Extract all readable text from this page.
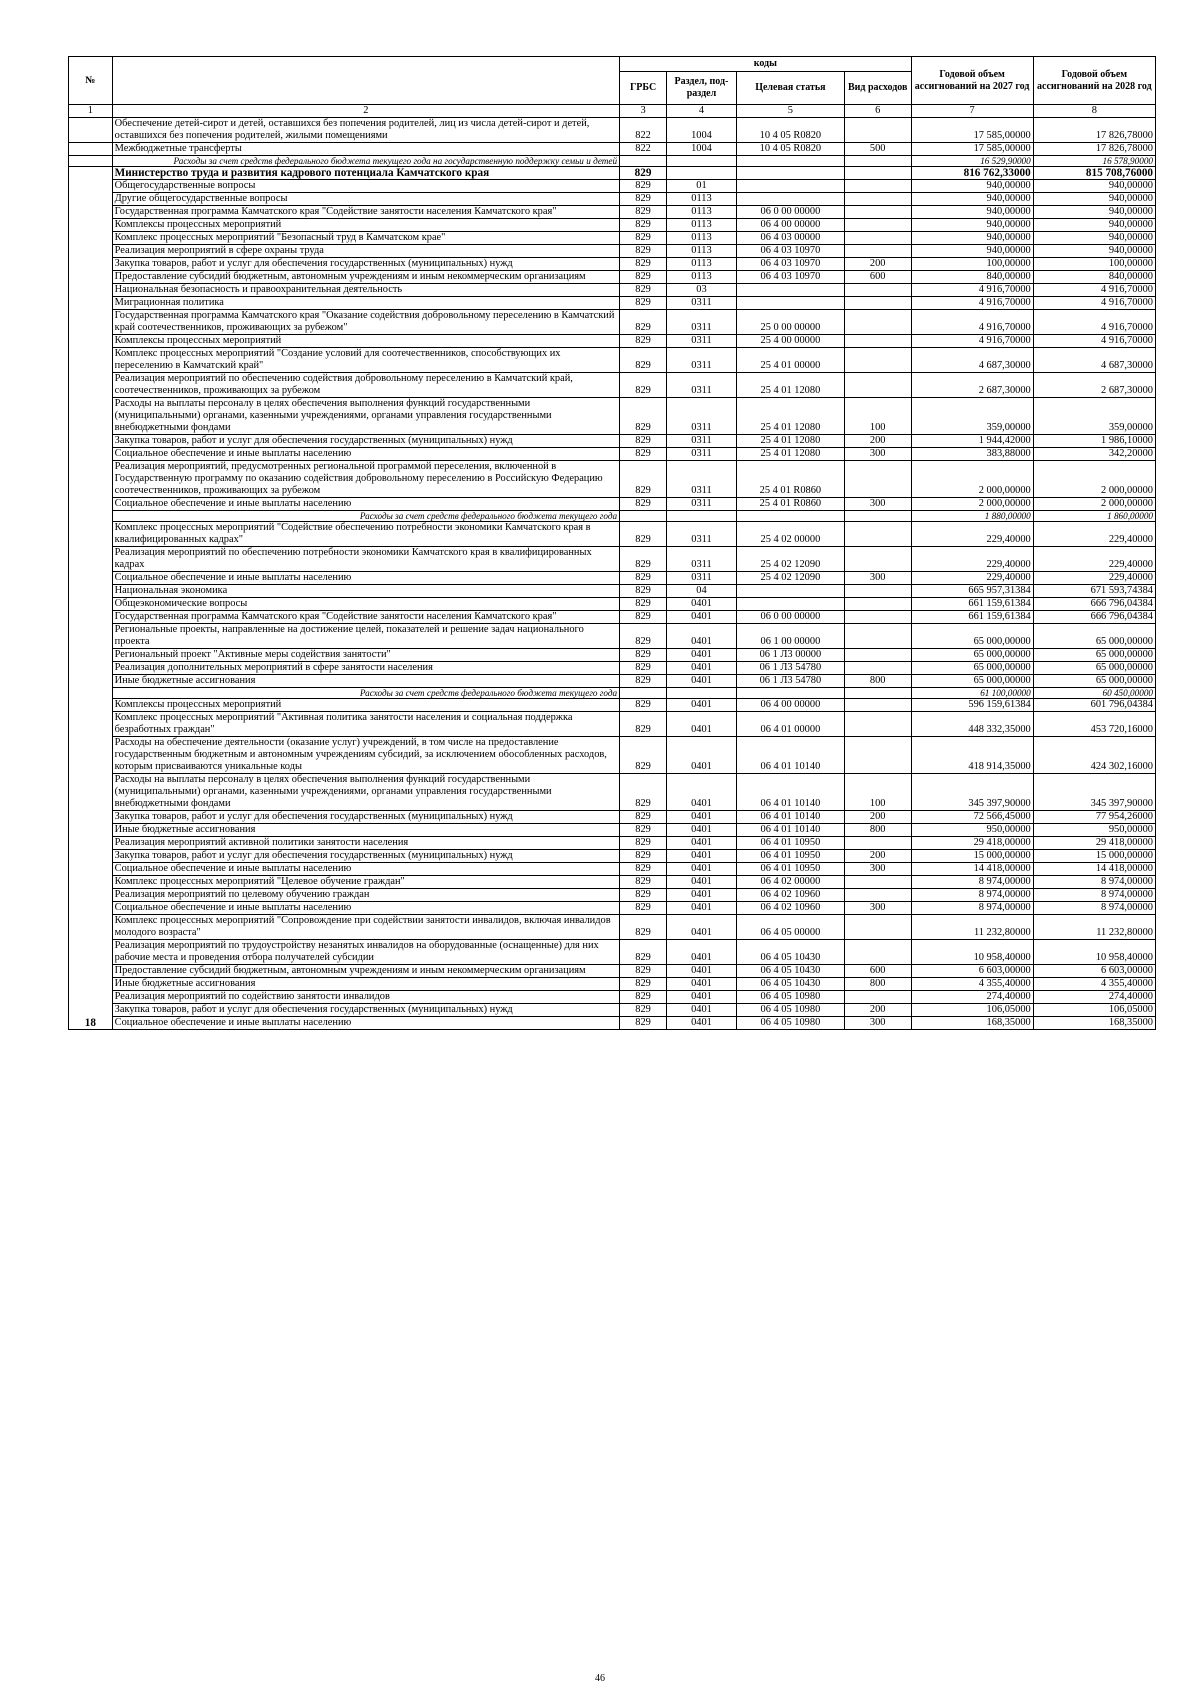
№		коды				Годовой объем ассигнований на 2027 год	Годовой объем ассигнований на 2028 год
		ГРБС	Раздел, под-раздел	Целевая статья	Вид расходов		
1	2	3	4	5	6	7	8
	Обеспечение детей-сирот и детей, оставшихся без попечения родителей, лиц из числа детей-сирот и детей, оставшихся без попечения родителей, жилыми помещениями	822	1004	10 4 05 R0820		17 585,00000	17 826,78000
	Межбюджетные трансферты	822	1004	10 4 05 R0820	500	17 585,00000	17 826,78000
	Расходы за счет средств федерального бюджета текущего года на государственную поддержку семьи и детей					16 529,90000	16 578,90000
18	Министерство труда и развития кадрового потенциала Камчатского края	829				816 762,33000	815 708,76000
	Общегосударственные вопросы	829	01			940,00000	940,00000
	Другие общегосударственные вопросы	829	0113			940,00000	940,00000
	Государственная программа Камчатского края "Содействие занятости населения Камчатского края"	829	0113	06 0 00 00000		940,00000	940,00000
	Комплексы процессных мероприятий	829	0113	06 4 00 00000		940,00000	940,00000
	Комплекс процессных мероприятий "Безопасный труд в Камчатском крае"	829	0113	06 4 03 00000		940,00000	940,00000
	Реализация мероприятий в сфере охраны труда	829	0113	06 4 03 10970		940,00000	940,00000
	Закупка товаров, работ и услуг для обеспечения государственных (муниципальных) нужд	829	0113	06 4 03 10970	200	100,00000	100,00000
	Предоставление субсидий бюджетным, автономным учреждениям и иным некоммерческим организациям	829	0113	06 4 03 10970	600	840,00000	840,00000
	Национальная безопасность и правоохранительная деятельность	829	03			4 916,70000	4 916,70000
	Миграционная политика	829	0311			4 916,70000	4 916,70000
	Государственная программа Камчатского края "Оказание содействия добровольному переселению в Камчатский край соотечественников, проживающих за рубежом"	829	0311	25 0 00 00000		4 916,70000	4 916,70000
	Комплексы процессных мероприятий	829	0311	25 4 00 00000		4 916,70000	4 916,70000
	Комплекс процессных мероприятий "Создание условий для соотечественников, способствующих их переселению в Камчатский край"	829	0311	25 4 01 00000		4 687,30000	4 687,30000
	Реализация мероприятий по обеспечению содействия добровольному переселению в Камчатский край, соотечественников, проживающих за рубежом	829	0311	25 4 01 12080		2 687,30000	2 687,30000
	Расходы на выплаты персоналу в целях обеспечения выполнения функций государственными (муниципальными) органами, казенными учреждениями, органами управления государственными внебюджетными фондами	829	0311	25 4 01 12080	100	359,00000	359,00000
	Закупка товаров, работ и услуг для обеспечения государственных (муниципальных) нужд	829	0311	25 4 01 12080	200	1 944,42000	1 986,10000
	Социальное обеспечение и иные выплаты населению	829	0311	25 4 01 12080	300	383,88000	342,20000
	Реализация мероприятий, предусмотренных региональной программой переселения, включенной в Государственную программу по оказанию содействия добровольному переселению в Российскую Федерацию соотечественников, проживающих за рубежом	829	0311	25 4 01 R0860		2 000,00000	2 000,00000
	Социальное обеспечение и иные выплаты населению	829	0311	25 4 01 R0860	300	2 000,00000	2 000,00000
	Расходы за счет средств федерального бюджета текущего года					1 880,00000	1 860,00000
	Комплекс процессных мероприятий "Содействие обеспечению потребности экономики Камчатского края в квалифицированных кадрах"	829	0311	25 4 02 00000		229,40000	229,40000
	Реализация мероприятий по обеспечению потребности экономики Камчатского края в квалифицированных кадрах	829	0311	25 4 02 12090		229,40000	229,40000
	Социальное обеспечение и иные выплаты населению	829	0311	25 4 02 12090	300	229,40000	229,40000
	Национальная экономика	829	04			665 957,31384	671 593,74384
	Общеэкономические вопросы	829	0401			661 159,61384	666 796,04384
	Государственная программа Камчатского края "Содействие занятости населения Камчатского края"	829	0401	06 0 00 00000		661 159,61384	666 796,04384
	Региональные проекты, направленные на достижение целей, показателей и решение задач национального проекта	829	0401	06 1 00 00000		65 000,00000	65 000,00000
	Региональный проект "Активные меры содействия занятости"	829	0401	06 1 Л3 00000		65 000,00000	65 000,00000
	Реализация дополнительных мероприятий в сфере занятости населения	829	0401	06 1 Л3 54780		65 000,00000	65 000,00000
	Иные бюджетные ассигнования	829	0401	06 1 Л3 54780	800	65 000,00000	65 000,00000
	Расходы за счет средств федерального бюджета текущего года					61 100,00000	60 450,00000
	Комплексы процессных мероприятий	829	0401	06 4 00 00000		596 159,61384	601 796,04384
	Комплекс процессных мероприятий "Активная политика занятости населения и социальная поддержка безработных граждан"	829	0401	06 4 01 00000		448 332,35000	453 720,16000
	Расходы на обеспечение деятельности (оказание услуг) учреждений, в том числе на предоставление государственным бюджетным и автономным учреждениям субсидий, за исключением обособленных расходов, которым присваиваются уникальные коды	829	0401	06 4 01 10140		418 914,35000	424 302,16000
	Расходы на выплаты персоналу в целях обеспечения выполнения функций государственными (муниципальными) органами, казенными учреждениями, органами управления государственными внебюджетными фондами	829	0401	06 4 01 10140	100	345 397,90000	345 397,90000
	Закупка товаров, работ и услуг для обеспечения государственных (муниципальных) нужд	829	0401	06 4 01 10140	200	72 566,45000	77 954,26000
	Иные бюджетные ассигнования	829	0401	06 4 01 10140	800	950,00000	950,00000
	Реализация мероприятий активной политики занятости населения	829	0401	06 4 01 10950		29 418,00000	29 418,00000
	Закупка товаров, работ и услуг для обеспечения государственных (муниципальных) нужд	829	0401	06 4 01 10950	200	15 000,00000	15 000,00000
	Социальное обеспечение и иные выплаты населению	829	0401	06 4 01 10950	300	14 418,00000	14 418,00000
	Комплекс процессных мероприятий "Целевое обучение граждан"	829	0401	06 4 02 00000		8 974,00000	8 974,00000
	Реализация мероприятий по целевому обучению граждан	829	0401	06 4 02 10960		8 974,00000	8 974,00000
	Социальное обеспечение и иные выплаты населению	829	0401	06 4 02 10960	300	8 974,00000	8 974,00000
	Комплекс процессных мероприятий "Сопровождение при содействии занятости инвалидов, включая инвалидов молодого возраста"	829	0401	06 4 05 00000		11 232,80000	11 232,80000
	Реализация мероприятий по трудоустройству незанятых инвалидов на оборудованные (оснащенные) для них рабочие места и проведения отбора получателей субсидии	829	0401	06 4 05 10430		10 958,40000	10 958,40000
	Предоставление субсидий бюджетным, автономным учреждениям и иным некоммерческим организациям	829	0401	06 4 05 10430	600	6 603,00000	6 603,00000
	Иные бюджетные ассигнования	829	0401	06 4 05 10430	800	4 355,40000	4 355,40000
	Реализация мероприятий по содействию занятости инвалидов	829	0401	06 4 05 10980		274,40000	274,40000
	Закупка товаров, работ и услуг для обеспечения государственных (муниципальных) нужд	829	0401	06 4 05 10980	200	106,05000	106,05000
	Социальное обеспечение и иные выплаты населению	829	0401	06 4 05 10980	300	168,35000	168,35000
46
